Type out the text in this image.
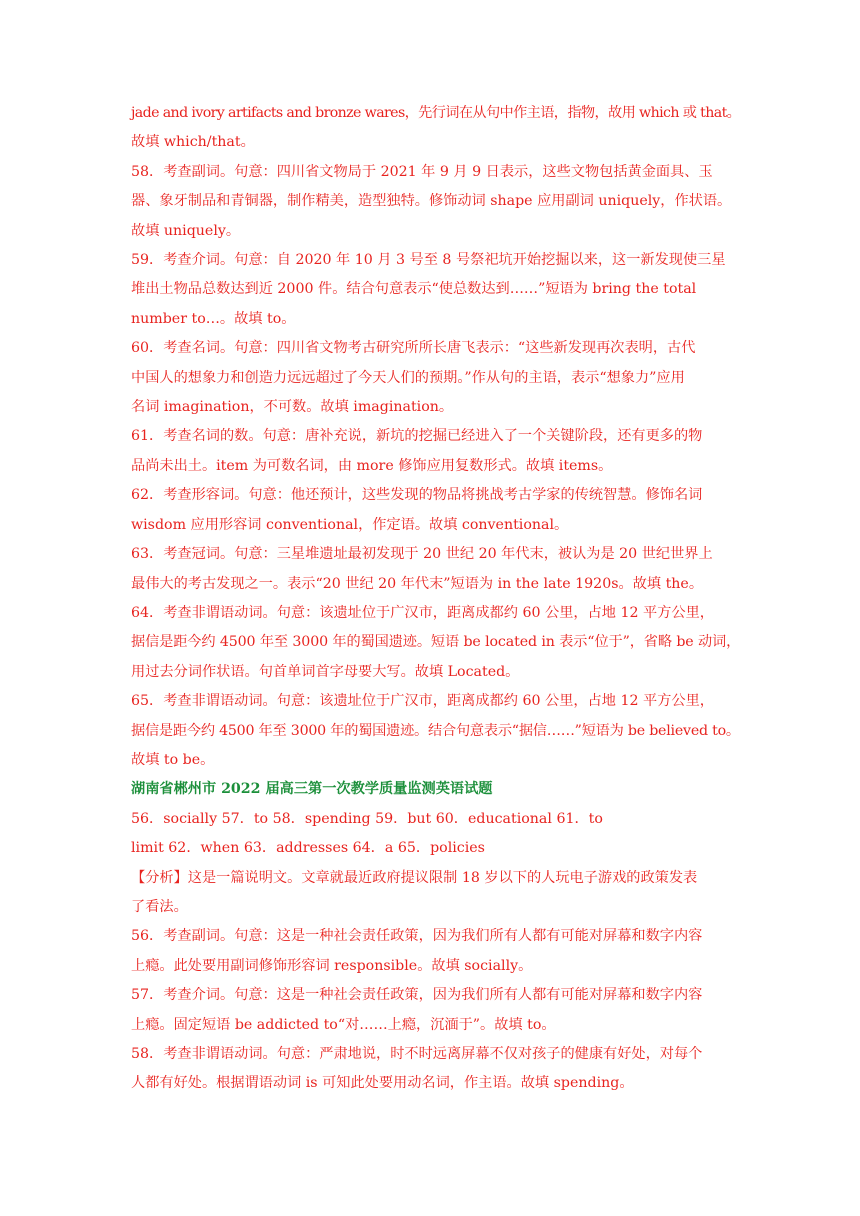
jade and ivory artifacts and bronze wares，先行词在从句中作主语，指物，故用 which 或 that。
故填 which/that。
58．考查副词。句意：四川省文物局于 2021 年 9 月 9 日表示，这些文物包括黄金面具、玉
器、象牙制品和青铜器，制作精美，造型独特。修饰动词 shape 应用副词 uniquely，作状语。
故填 uniquely。
59．考查介词。句意：自 2020 年 10 月 3 号至 8 号祭祀坑开始挖掘以来，这一新发现使三星
堆出土物品总数达到近 2000 件。结合句意表示“使总数达到……”短语为 bring the total
number to…。故填 to。
60．考查名词。句意：四川省文物考古研究所所长唐飞表示：“这些新发现再次表明，古代
中国人的想象力和创造力远远超过了今天人们的预期。”作从句的主语，表示“想象力”应用
名词 imagination，不可数。故填 imagination。
61．考查名词的数。句意：唐补充说，新坑的挖掘已经进入了一个关键阶段，还有更多的物
品尚未出土。item 为可数名词，由 more 修饰应用复数形式。故填 items。
62．考查形容词。句意：他还预计，这些发现的物品将挑战考古学家的传统智慧。修饰名词
wisdom 应用形容词 conventional，作定语。故填 conventional。
63．考查冠词。句意：三星堆遗址最初发现于 20 世纪 20 年代末，被认为是 20 世纪世界上
最伟大的考古发现之一。表示“20 世纪 20 年代末”短语为 in the late 1920s。故填 the。
64．考查非谓语动词。句意：该遗址位于广汉市，距离成都约 60 公里，占地 12 平方公里，
据信是距今约 4500 年至 3000 年的蜀国遗迹。短语 be located in 表示“位于”，省略 be 动词，
用过去分词作状语。句首单词首字母要大写。故填 Located。
65．考查非谓语动词。句意：该遗址位于广汉市，距离成都约 60 公里，占地 12 平方公里，
据信是距今约 4500 年至 3000 年的蜀国遗迹。结合句意表示“据信……”短语为 be believed to。
故填 to be。
湖南省郴州市 2022 届高三第一次教学质量监测英语试题
56．socially 57．to 58．spending 59．but 60．educational 61．to
limit 62．when 63．addresses 64．a 65．policies
【分析】这是一篇说明文。文章就最近政府提议限制 18 岁以下的人玩电子游戏的政策发表
了看法。
56．考查副词。句意：这是一种社会责任政策，因为我们所有人都有可能对屏幕和数字内容
上瘾。此处要用副词修饰形容词 responsible。故填 socially。
57．考查介词。句意：这是一种社会责任政策，因为我们所有人都有可能对屏幕和数字内容
上瘾。固定短语 be addicted to“对……上瘾，沉湎于”。故填 to。
58．考查非谓语动词。句意：严肃地说，时不时远离屏幕不仅对孩子的健康有好处，对每个
人都有好处。根据谓语动词 is 可知此处要用动名词，作主语。故填 spending。
